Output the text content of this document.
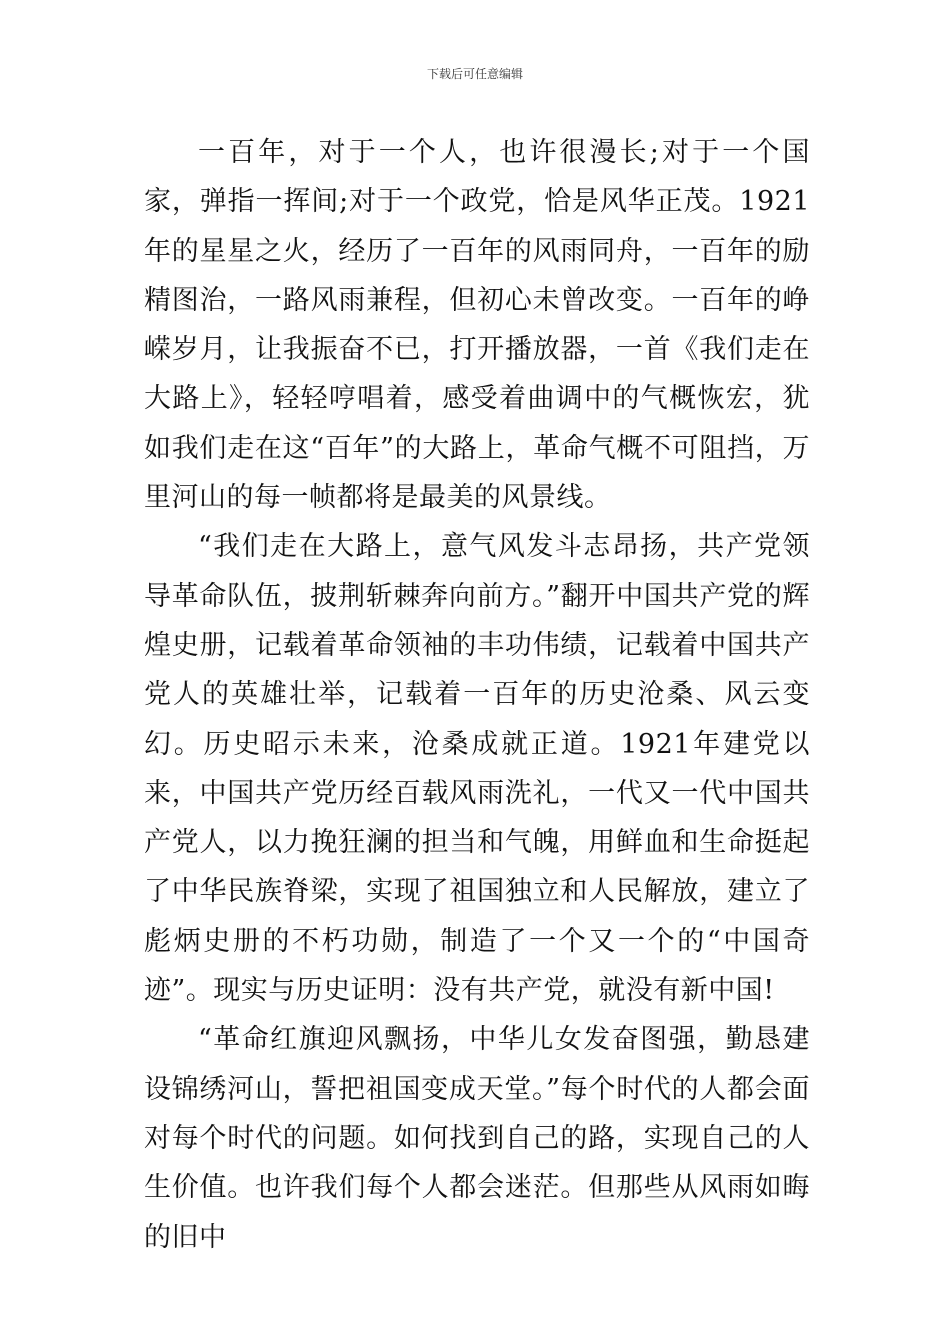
下载后可任意编辑

一百年，对于一个人，也许很漫长;对于一个国家，弹指一挥间;对于一个政党，恰是风华正茂。1921年的星星之火，经历了一百年的风雨同舟，一百年的励精图治，一路风雨兼程，但初心未曾改变。一百年的峥嵘岁月，让我振奋不已，打开播放器，一首《我们走在大路上》，轻轻哼唱着，感受着曲调中的气概恢宏，犹如我们走在这“百年”的大路上，革命气概不可阻挡，万里河山的每一帧都将是最美的风景线。

“我们走在大路上，意气风发斗志昂扬，共产党领导革命队伍，披荆斩棘奔向前方。”翻开中国共产党的辉煌史册，记载着革命领袖的丰功伟绩，记载着中国共产党人的英雄壮举，记载着一百年的历史沧桑、风云变幻。历史昭示未来，沧桑成就正道。1921年建党以来，中国共产党历经百载风雨洗礼，一代又一代中国共产党人，以力挽狂澜的担当和气魄，用鲜血和生命挺起了中华民族脊梁，实现了祖国独立和人民解放，建立了彪炳史册的不朽功勋，制造了一个又一个的“中国奇迹”。现实与历史证明：没有共产党，就没有新中国!

“革命红旗迎风飘扬，中华儿女发奋图强，勤恳建设锦绣河山，誓把祖国变成天堂。”每个时代的人都会面对每个时代的问题。如何找到自己的路，实现自己的人生价值。也许我们每个人都会迷茫。但那些从风雨如晦的旧中
